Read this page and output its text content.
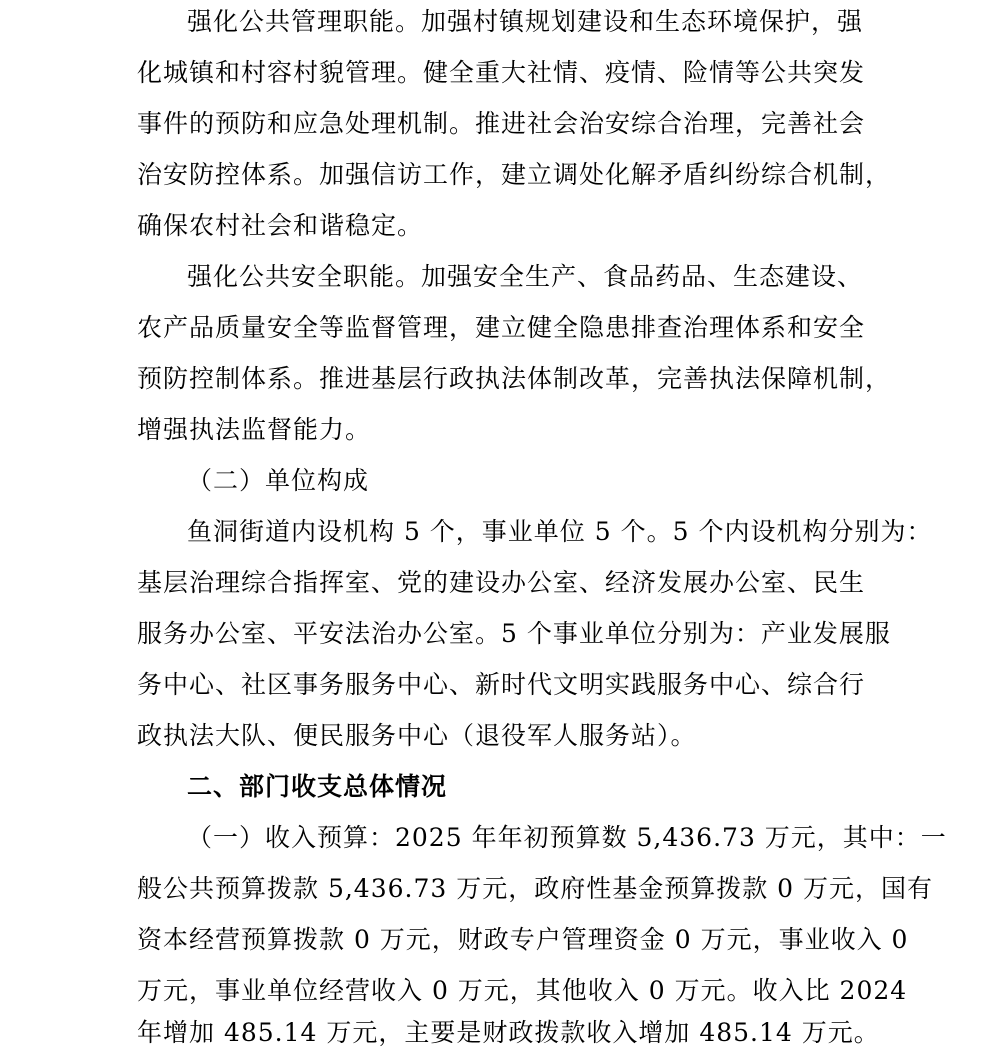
强化公共管理职能。加强村镇规划建设和生态环境保护，强
化城镇和村容村貌管理。健全重大社情、疫情、险情等公共突发
事件的预防和应急处理机制。推进社会治安综合治理，完善社会
治安防控体系。加强信访工作，建立调处化解矛盾纠纷综合机制，
确保农村社会和谐稳定。
强化公共安全职能。加强安全生产、食品药品、生态建设、
农产品质量安全等监督管理，建立健全隐患排查治理体系和安全
预防控制体系。推进基层行政执法体制改革，完善执法保障机制，
增强执法监督能力。
（二）单位构成
鱼洞街道内设机构 5 个，事业单位 5 个。5 个内设机构分别为：
基层治理综合指挥室、党的建设办公室、经济发展办公室、民生
服务办公室、平安法治办公室。5 个事业单位分别为：产业发展服
务中心、社区事务服务中心、新时代文明实践服务中心、综合行
政执法大队、便民服务中心（退役军人服务站）。
二、部门收支总体情况
（一）收入预算：2025 年年初预算数 5,436.73 万元，其中：一
般公共预算拨款 5,436.73 万元，政府性基金预算拨款 0 万元，国有
资本经营预算拨款 0 万元，财政专户管理资金 0 万元，事业收入 0
万元，事业单位经营收入 0 万元，其他收入 0 万元。收入比 2024
年增加 485.14 万元，主要是财政拨款收入增加 485.14 万元。
